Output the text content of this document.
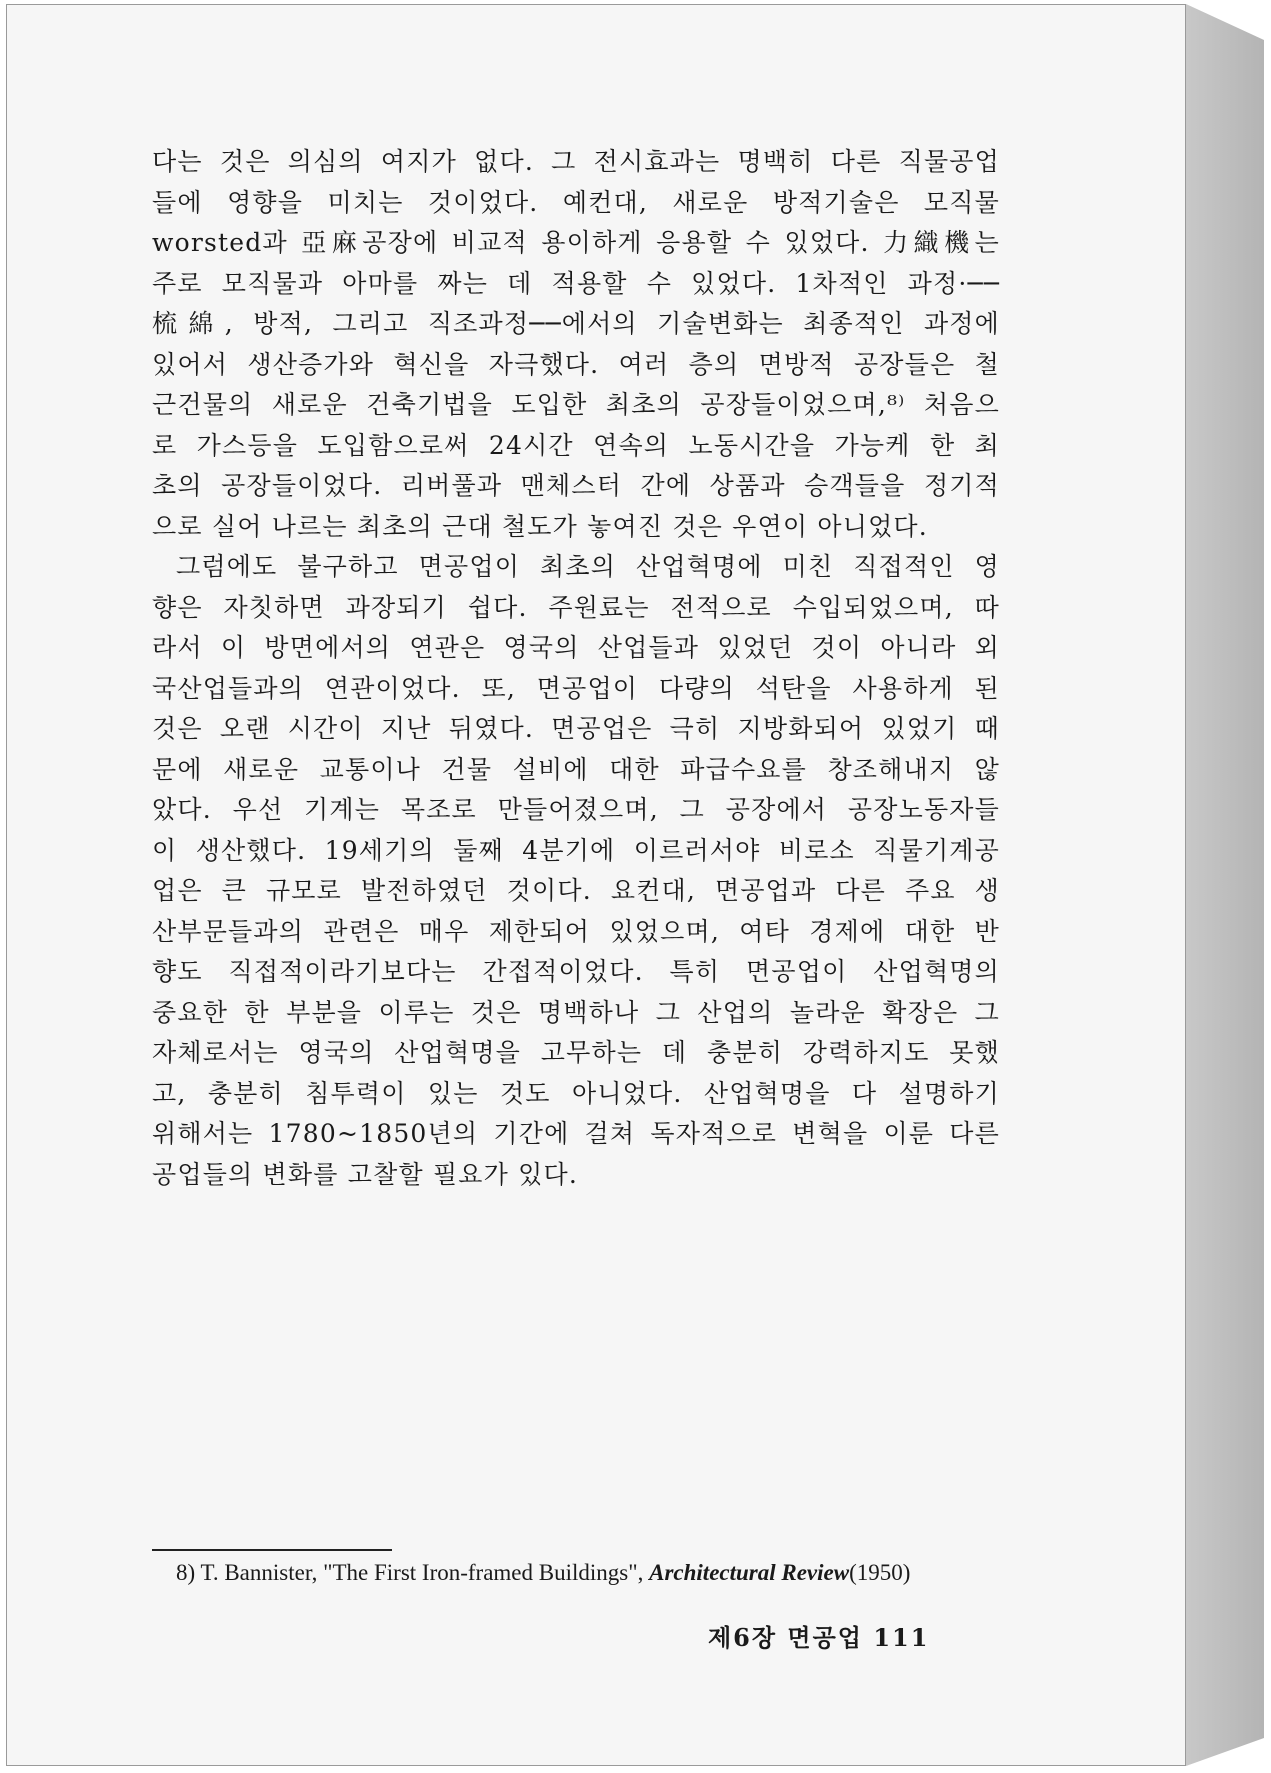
다는 것은 의심의 여지가 없다. 그 전시효과는 명백히 다른 직물공업
들에 영향을 미치는 것이었다. 예컨대, 새로운 방적기술은 모직물
worsted과 亞麻공장에 비교적 용이하게 응용할 수 있었다. 力織機는
주로 모직물과 아마를 짜는 데 적용할 수 있었다. 1차적인 과정·──
梳綿, 방적, 그리고 직조과정──에서의 기술변화는 최종적인 과정에
있어서 생산증가와 혁신을 자극했다. 여러 층의 면방적 공장들은 철
근건물의 새로운 건축기법을 도입한 최초의 공장들이었으며,⁸⁾ 처음으
로 가스등을 도입함으로써 24시간 연속의 노동시간을 가능케 한 최
초의 공장들이었다. 리버풀과 맨체스터 간에 상품과 승객들을 정기적
으로 실어 나르는 최초의 근대 철도가 놓여진 것은 우연이 아니었다.
그럼에도 불구하고 면공업이 최초의 산업혁명에 미친 직접적인 영
향은 자칫하면 과장되기 쉽다. 주원료는 전적으로 수입되었으며, 따
라서 이 방면에서의 연관은 영국의 산업들과 있었던 것이 아니라 외
국산업들과의 연관이었다. 또, 면공업이 다량의 석탄을 사용하게 된
것은 오랜 시간이 지난 뒤였다. 면공업은 극히 지방화되어 있었기 때
문에 새로운 교통이나 건물 설비에 대한 파급수요를 창조해내지 않
았다. 우선 기계는 목조로 만들어졌으며, 그 공장에서 공장노동자들
이 생산했다. 19세기의 둘째 4분기에 이르러서야 비로소 직물기계공
업은 큰 규모로 발전하였던 것이다. 요컨대, 면공업과 다른 주요 생
산부문들과의 관련은 매우 제한되어 있었으며, 여타 경제에 대한 반
향도 직접적이라기보다는 간접적이었다. 특히 면공업이 산업혁명의
중요한 한 부분을 이루는 것은 명백하나 그 산업의 놀라운 확장은 그
자체로서는 영국의 산업혁명을 고무하는 데 충분히 강력하지도 못했
고, 충분히 침투력이 있는 것도 아니었다. 산업혁명을 다 설명하기
위해서는 1780~1850년의 기간에 걸쳐 독자적으로 변혁을 이룬 다른
공업들의 변화를 고찰할 필요가 있다.
8) T. Bannister, "The First Iron-framed Buildings", Architectural Review(1950)
제6장 면공업 111
